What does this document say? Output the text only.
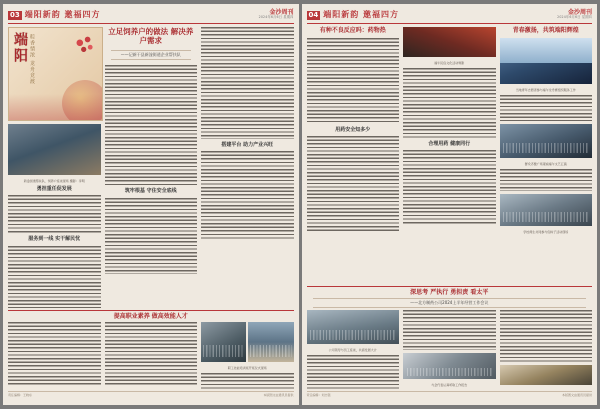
03 端阳新韵 邀福四方	金沙周刊
2024年6月6日 星期四
端阳 粽香情浓 龙舟竞渡
新淦街道帮扶队、饲养户座谈现场 摄影：李明
勇担重任促发展
服务到一线 实干解民忧
立足饲养户的做法 解决养户需求
——记新干县新淦街道企业帮扶队
筑牢根基 守住安全底线
搭建平台 助力产业兴旺
提高职业素养 做高效能人才
职工技能培训班开班仪式现场
责任编辑：王晓东	本版图文由通讯员提供
04 端阳新韵 邀福四方	金沙周刊
2024年6月6日 星期四
有种不良反应吗：药物热
用药安全知多少
端午民俗文化活动剪影
合理用药 健康同行
青春激扬，共筑端阳辉煌
当地青年志愿者参与端午龙舟赛组织服务工作
群众齐聚广场观看端午文艺汇演
学校师生共同参与包粽子活动现场
深思考 严执行 勇担责 看太平
——北方制药公司2024上半年经营工作会议
公司领导与员工座谈，共商发展大计
与会代表认真听取工作报告
责任编辑：刘志强	本版图文由通讯员提供
